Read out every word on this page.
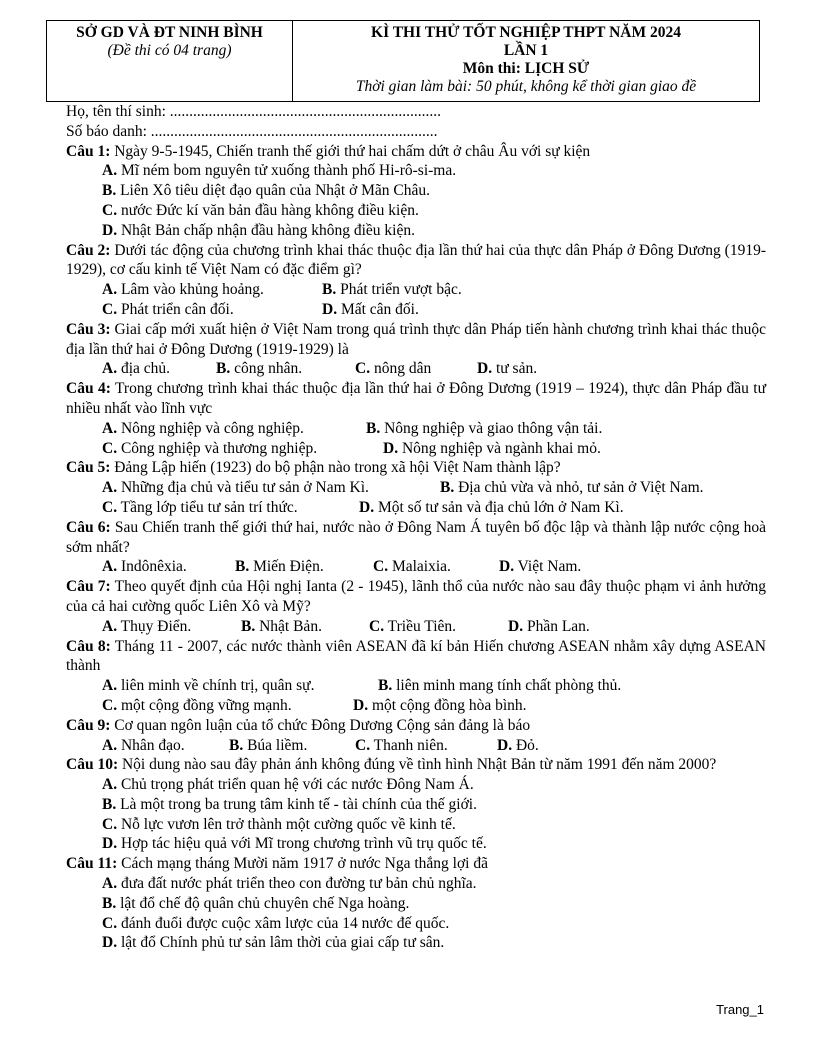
SỞ GD VÀ ĐT NINH BÌNH
(Đề thi có 04 trang)
KÌ THI THỬ TỐT NGHIỆP THPT NĂM 2024
LẦN 1
Môn thi: LỊCH SỬ
Thời gian làm bài: 50 phút, không kể thời gian giao đề
Họ, tên thí sinh: ......................................................................
Số báo danh: ..........................................................................
Câu 1: Ngày 9-5-1945, Chiến tranh thế giới thứ hai chấm dứt ở châu Âu với sự kiện
A. Mĩ ném bom nguyên tử xuống thành phố Hi-rô-si-ma.
B. Liên Xô tiêu diệt đạo quân của Nhật ở Mãn Châu.
C. nước Đức kí văn bản đầu hàng không điều kiện.
D. Nhật Bản chấp nhận đầu hàng không điều kiện.
Câu 2: Dưới tác động của chương trình khai thác thuộc địa lần thứ hai của thực dân Pháp ở Đông Dương (1919-1929), cơ cấu kinh tế Việt Nam có đặc điểm gì?
A. Lâm vào khủng hoảng.	B. Phát triển vượt bậc.
C. Phát triển cân đối.	D. Mất cân đối.
Câu 3: Giai cấp mới xuất hiện ở Việt Nam trong quá trình thực dân Pháp tiến hành chương trình khai thác thuộc địa lần thứ hai ở Đông Dương (1919-1929) là
A. địa chủ.	B. công nhân.	C. nông dân	D. tư sản.
Câu 4: Trong chương trình khai thác thuộc địa lần thứ hai ở Đông Dương (1919 – 1924), thực dân Pháp đầu tư nhiều nhất vào lĩnh vực
A. Nông nghiệp và công nghiệp.	B. Nông nghiệp và giao thông vận tải.
C. Công nghiệp và thương nghiệp.	D. Nông nghiệp và ngành khai mỏ.
Câu 5: Đảng Lập hiến (1923) do bộ phận nào trong xã hội Việt Nam thành lập?
A. Những địa chủ và tiểu tư sản ở Nam Kì.	B. Địa chủ vừa và nhỏ, tư sản ở Việt Nam.
C. Tầng lớp tiểu tư sản trí thức.	D. Một số tư sản và địa chủ lớn ở Nam Kì.
Câu 6: Sau Chiến tranh thế giới thứ hai, nước nào ở Đông Nam Á tuyên bố độc lập và thành lập nước cộng hoà sớm nhất?
A. Indônêxia.	B. Miến Điện.	C. Malaixia.	D. Việt Nam.
Câu 7: Theo quyết định của Hội nghị Ianta (2 - 1945), lãnh thổ của nước nào sau đây thuộc phạm vi ảnh hưởng của cả hai cường quốc Liên Xô và Mỹ?
A. Thụy Điển.	B. Nhật Bản.	C. Triều Tiên.	D. Phần Lan.
Câu 8: Tháng 11 - 2007, các nước thành viên ASEAN đã kí bản Hiến chương ASEAN nhằm xây dựng ASEAN thành
A. liên minh về chính trị, quân sự.	B. liên minh mang tính chất phòng thủ.
C. một cộng đồng vững mạnh.	D. một cộng đồng hòa bình.
Câu 9: Cơ quan ngôn luận của tổ chức Đông Dương Cộng sản đảng là báo
A. Nhân đạo.	B. Búa liềm.	C. Thanh niên.	D. Đỏ.
Câu 10: Nội dung nào sau đây phản ánh không đúng về tình hình Nhật Bản từ năm 1991 đến năm 2000?
A. Chủ trọng phát triển quan hệ với các nước Đông Nam Á.
B. Là một trong ba trung tâm kinh tế - tài chính của thế giới.
C. Nỗ lực vươn lên trở thành một cường quốc về kinh tế.
D. Hợp tác hiệu quả với Mĩ trong chương trình vũ trụ quốc tế.
Câu 11: Cách mạng tháng Mười năm 1917 ở nước Nga thắng lợi đã
A. đưa đất nước phát triển theo con đường tư bản chủ nghĩa.
B. lật đổ chế độ quân chủ chuyên chế Nga hoàng.
C. đánh đuổi được cuộc xâm lược của 14 nước đế quốc.
D. lật đổ Chính phủ tư sản lâm thời của giai cấp tư sân.
Trang_1
